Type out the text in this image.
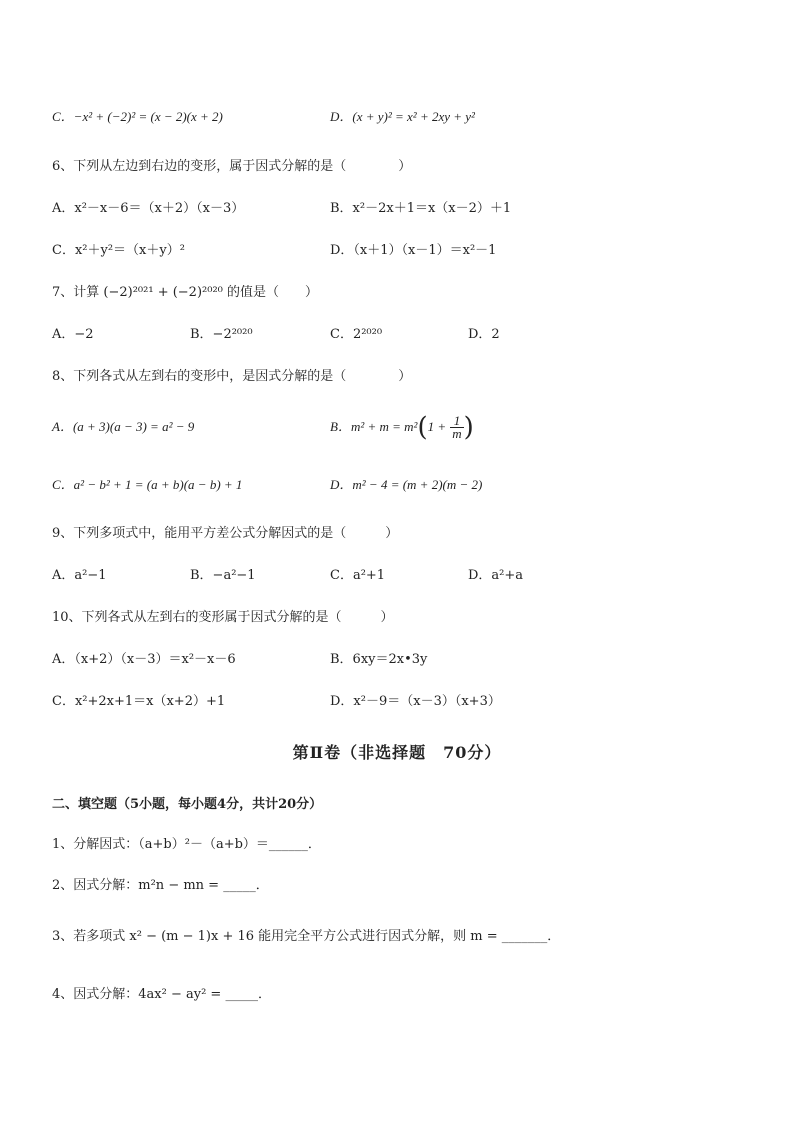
C．−x² + (−2)² = (x − 2)(x + 2)	D．(x + y)² = x² + 2xy + y²
6、下列从左边到右边的变形，属于因式分解的是（　　　　）
A．x²－x－6＝（x＋2）（x－3）	B．x²－2x＋1＝x（x－2）＋1
C．x²＋y²＝（x＋y）²	D．（x＋1）（x－1）＝x²－1
7、计算 (−2)²⁰²¹ + (−2)²⁰²⁰ 的值是（　　）
A．−2	B．−2²⁰²⁰	C．2²⁰²⁰	D．2
8、下列各式从左到右的变形中，是因式分解的是（　　　　）
A．(a + 3)(a − 3) = a² − 9	B．$m^2 + m = m^2(1 + \frac{1}{m}$ )
C．a² − b² + 1 = (a + b)(a − b) + 1	D．m² − 4 = (m + 2)(m − 2)
9、下列多项式中，能用平方差公式分解因式的是（　　　）
A．a²−1	B．−a²−1	C．a²+1	D．a²+a
10、下列各式从左到右的变形属于因式分解的是（　　　）
A．（x+2）（x－3）＝x²－x－6	B．6xy＝2x•3y
C．x²+2x+1＝x（x+2）+1	D．x²－9＝（x－3）（x+3）
第Ⅱ卷（非选择题　70分）
二、填空题（5小题，每小题4分，共计20分）
1、分解因式：（a+b）²－（a+b）＝______．
2、因式分解：m²n − mn = _____．
3、若多项式 x² − (m − 1)x + 16 能用完全平方公式进行因式分解，则 m = _______．
4、因式分解：4ax² − ay² = _____．
